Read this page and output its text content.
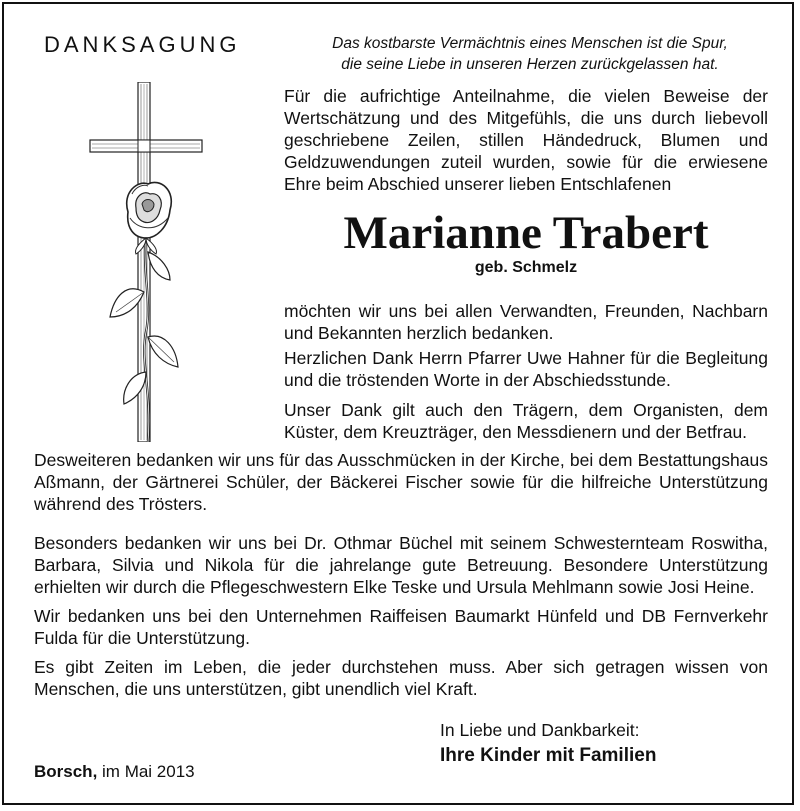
DANKSAGUNG	Das kostbarste Vermächtnis eines Menschen ist die Spur,
die seine Liebe in unseren Herzen zurückgelassen hat.

Für die aufrichtige Anteilnahme, die vielen Beweise der Wertschätzung und des Mitgefühls, die uns durch liebevoll geschriebene Zeilen, stillen Händedruck, Blumen und Geldzuwendungen zuteil wurden, sowie für die erwiesene Ehre beim Abschied unserer lieben Entschlafenen

Marianne Trabert
geb. Schmelz

möchten wir uns bei allen Verwandten, Freunden, Nachbarn und Bekannten herzlich bedanken.

Herzlichen Dank Herrn Pfarrer Uwe Hahner für die Begleitung und die tröstenden Worte in der Abschiedsstunde.

Unser Dank gilt auch den Trägern, dem Organisten, dem Küster, dem Kreuzträger, den Messdienern und der Betfrau.

Desweiteren bedanken wir uns für das Ausschmücken in der Kirche, bei dem Bestattungshaus Aßmann, der Gärtnerei Schüler, der Bäckerei Fischer sowie für die hilfreiche Unterstützung während des Trösters.

Besonders bedanken wir uns bei Dr. Othmar Büchel mit seinem Schwesternteam Roswitha, Barbara, Silvia und Nikola für die jahrelange gute Betreuung. Besondere Unterstützung erhielten wir durch die Pflegeschwestern Elke Teske und Ursula Mehlmann sowie Josi Heine.

Wir bedanken uns bei den Unternehmen Raiffeisen Baumarkt Hünfeld und DB Fernverkehr Fulda für die Unterstützung.

Es gibt Zeiten im Leben, die jeder durchstehen muss. Aber sich getragen wissen von Menschen, die uns unterstützen, gibt unendlich viel Kraft.

In Liebe und Dankbarkeit:
Ihre Kinder mit Familien
Borsch, im Mai 2013
